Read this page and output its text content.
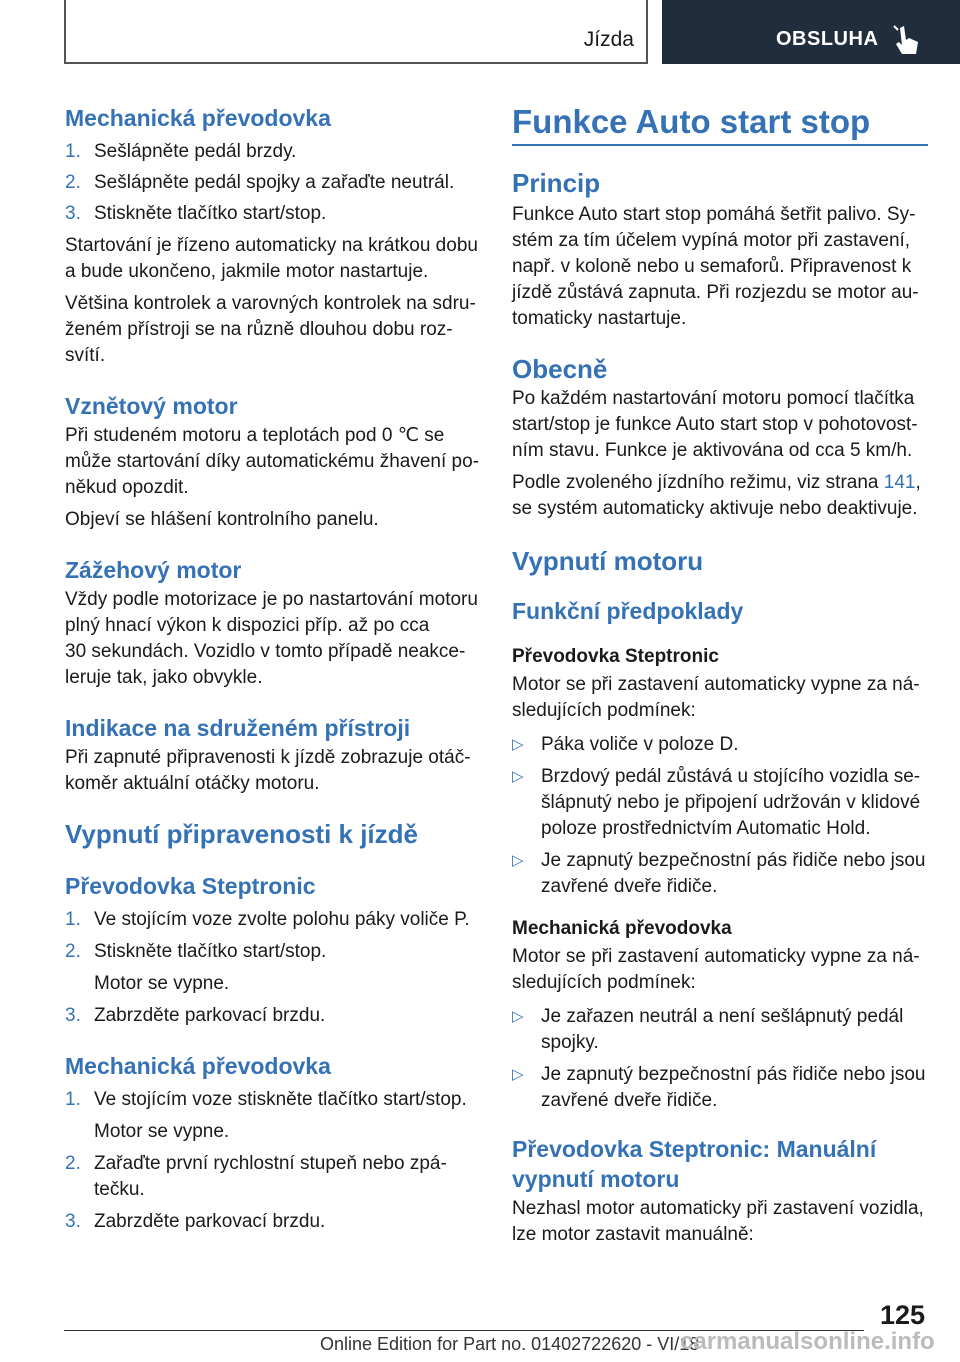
Jízda	OBSLUHA
Mechanická převodovka
1. Sešlápněte pedál brzdy.
2. Sešlápněte pedál spojky a zařaďte neutrál.
3. Stiskněte tlačítko start/stop.

Startování je řízeno automaticky na krátkou dobu
a bude ukončeno, jakmile motor nastartuje.

Většina kontrolek a varovných kontrolek na sdru-
ženém přístroji se na různě dlouhou dobu roz-
svítí.

Vznětový motor

Při studeném motoru a teplotách pod 0 ℃ se
může startování díky automatickému žhavení po-
někud opozdit.

Objeví se hlášení kontrolního panelu.

Zážehový motor

Vždy podle motorizace je po nastartování motoru
plný hnací výkon k dispozici příp. až po cca
30 sekundách. Vozidlo v tomto případě neakce-
leruje tak, jako obvykle.

Indikace na sdruženém přístroji

Při zapnuté připravenosti k jízdě zobrazuje otáč-
koměr aktuální otáčky motoru.

Vypnutí připravenosti k jízdě
Převodovka Steptronic
1. Ve stojícím voze zvolte polohu páky voliče P.
2. Stiskněte tlačítko start/stop.
Motor se vypne.
3. Zabrzděte parkovací brzdu.
Mechanická převodovka
1. Ve stojícím voze stiskněte tlačítko start/stop.
Motor se vypne.
2. Zařaďte první rychlostní stupeň nebo zpá-
tečku.
3. Zabrzděte parkovací brzdu.
Funkce Auto start stop
Princip

Funkce Auto start stop pomáhá šetřit palivo. Sy-
stém za tím účelem vypíná motor při zastavení,
např. v koloně nebo u semaforů. Připravenost k
jízdě zůstává zapnuta. Při rozjezdu se motor au-
tomaticky nastartuje.

Obecně

Po každém nastartování motoru pomocí tlačítka
start/stop je funkce Auto start stop v pohotovost-
ním stavu. Funkce je aktivována od cca 5 km/h.

Podle zvoleného jízdního režimu, viz strana 141,
se systém automaticky aktivuje nebo deaktivuje.

Vypnutí motoru
Funkční předpoklady
Převodovka Steptronic

Motor se při zastavení automaticky vypne za ná-
sledujících podmínek:

▷ Páka voliče v poloze D.
▷ Brzdový pedál zůstává u stojícího vozidla se-
šlápnutý nebo je připojení udržován v klidové
poloze prostřednictvím Automatic Hold.
▷ Je zapnutý bezpečnostní pás řidiče nebo jsou
zavřené dveře řidiče.
Mechanická převodovka

Motor se při zastavení automaticky vypne za ná-
sledujících podmínek:

▷ Je zařazen neutrál a není sešlápnutý pedál
spojky.
▷ Je zapnutý bezpečnostní pás řidiče nebo jsou
zavřené dveře řidiče.
Převodovka Steptronic: Manuální
vypnutí motoru

Nezhasl motor automaticky při zastavení vozidla,
lze motor zastavit manuálně:

125
Online Edition for Part no. 01402722620 - VI/18
carmanualsonline.info
